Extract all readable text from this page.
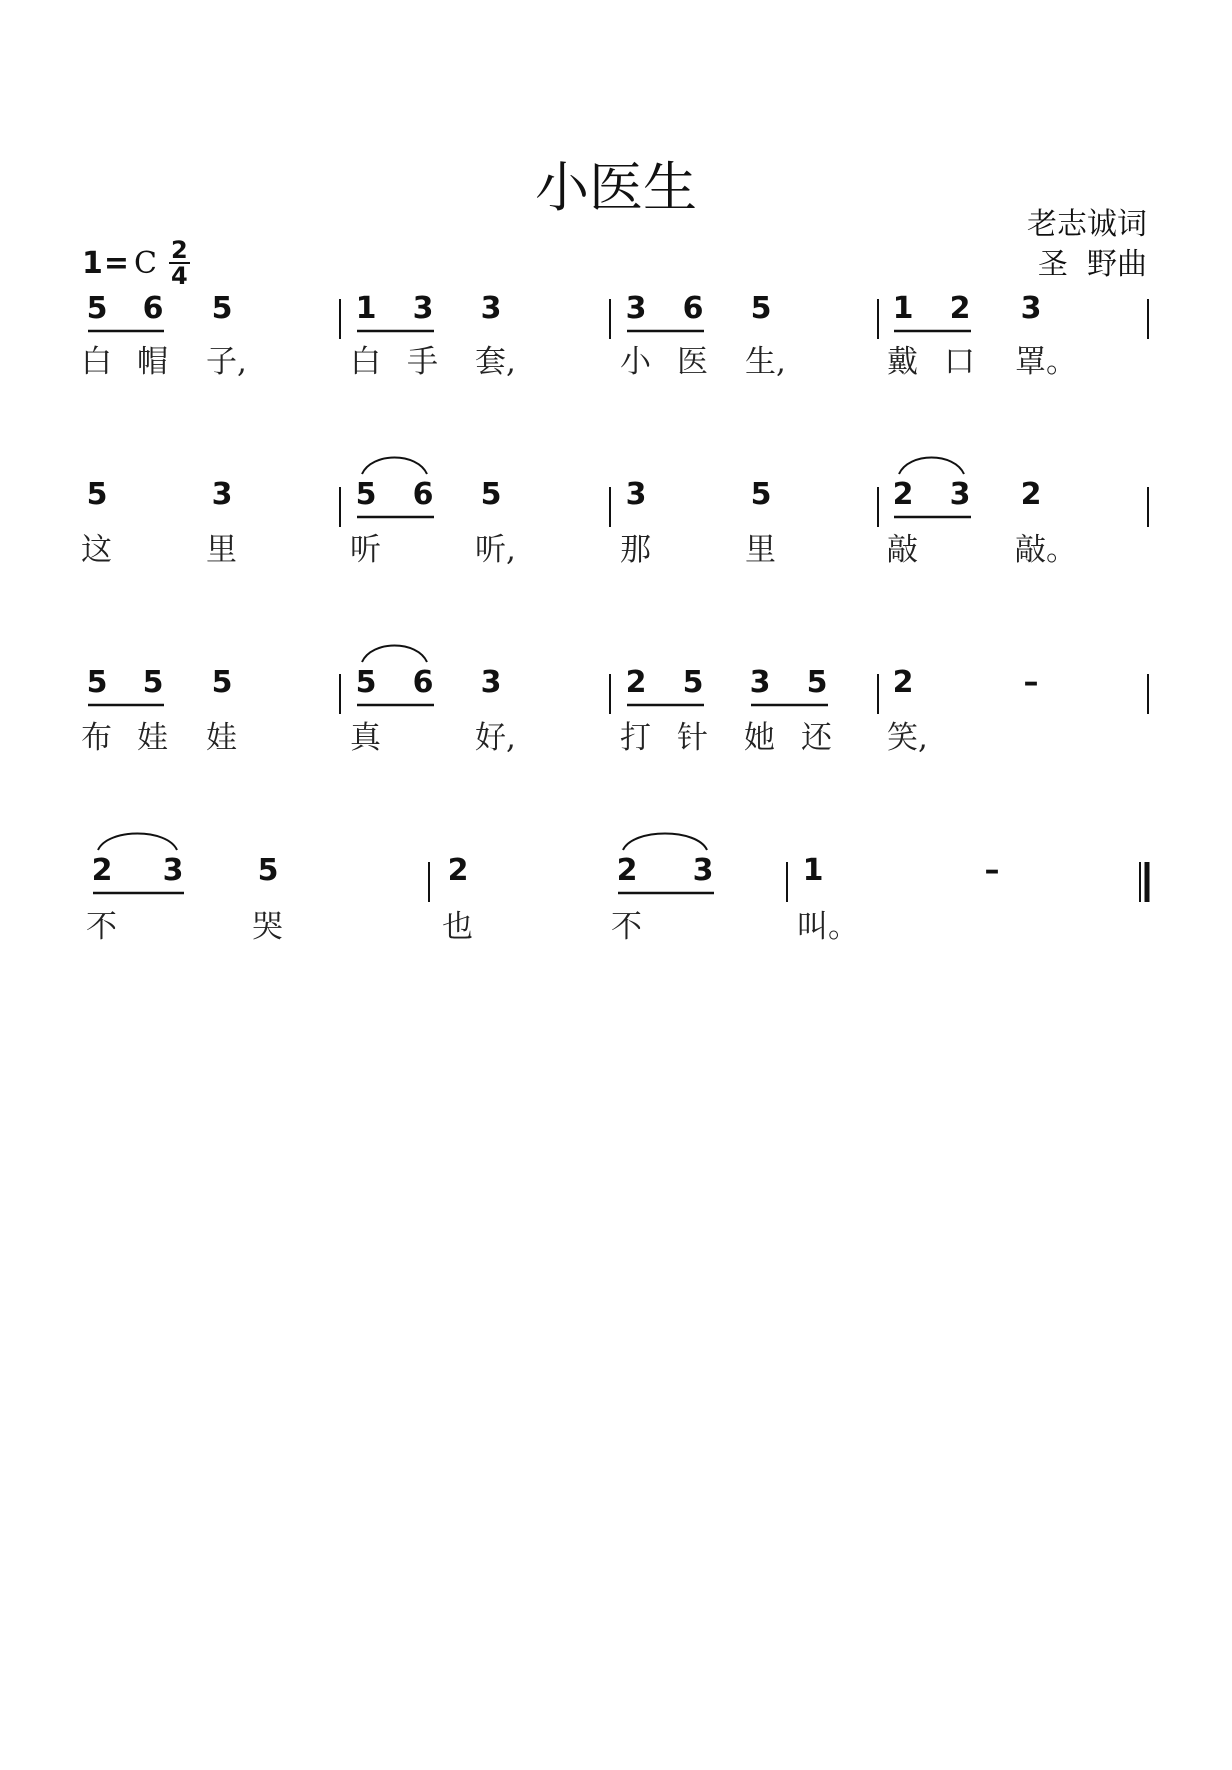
小医生
老志诚词
圣  野曲
1= C $\frac{2}{4}$
5 6 5	1 3 3	3 6 5	1 2 3
白 帽 子,	白 手 套,	小 医 生,	戴 口 罩。
5	3	5 6 5	3	5	2 3 2
这	里	听	听,	那	里	敲	敲。
5 5 5	5 6 3	2 5 3 5 2	–
布 娃 娃	真	好,	打 针 她 还 笑,
2 3 5	2	2 3	1	–
不	哭	也	不	叫。
